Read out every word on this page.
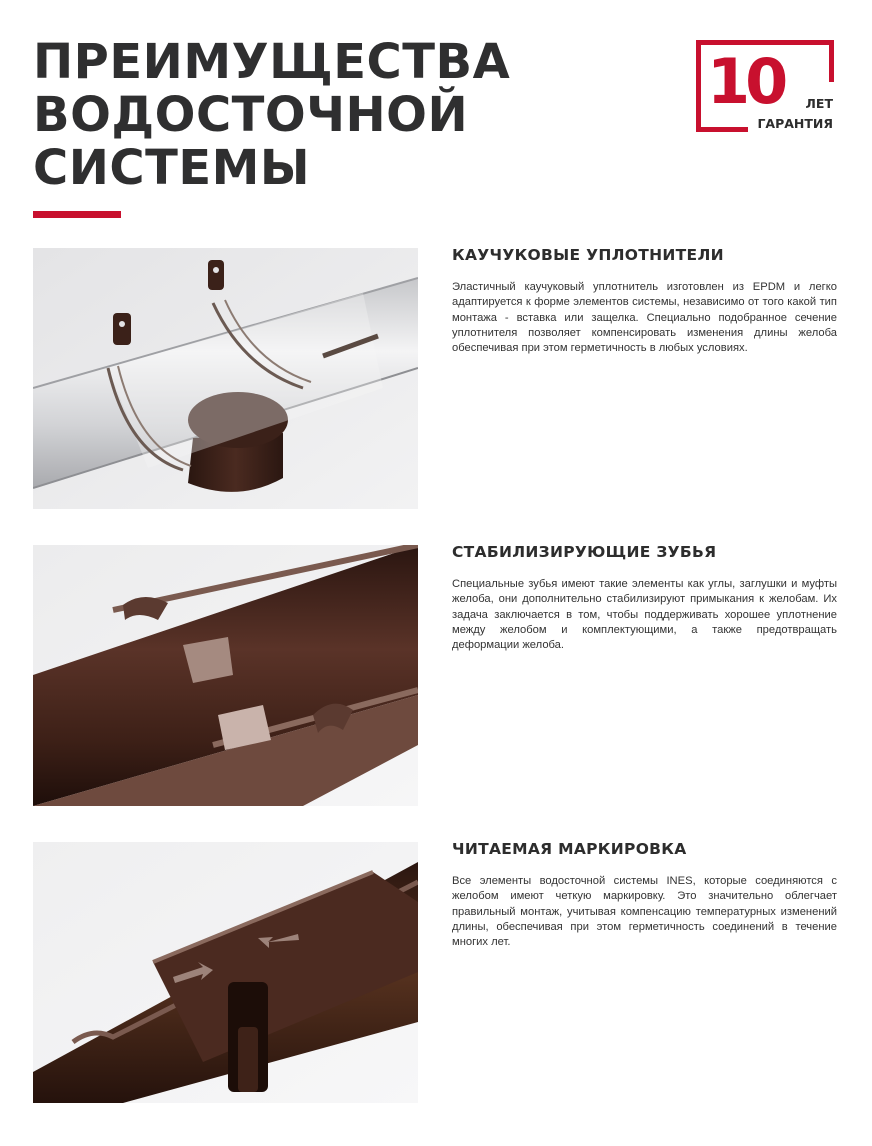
ПРЕИМУЩЕСТВА
ВОДОСТОЧНОЙ
СИСТЕМЫ
10 ЛЕТ
ГАРАНТИЯ
КАУЧУКОВЫЕ УПЛОТНИТЕЛИ

Эластичный каучуковый уплотнитель изготовлен из EPDM и легко адаптируется к форме элементов системы, независимо от того какой тип монтажа - вставка или защелка. Специально подобранное сечение уплотнителя позволяет компенсировать изменения длины желоба обеспечивая при этом герметичность в любых условиях.

СТАБИЛИЗИРУЮЩИЕ ЗУБЬЯ

Специальные зубья имеют такие элементы как углы, заглушки и муфты желоба, они дополнительно стабилизируют примыкания к желобам. Их задача заключается в том, чтобы поддерживать хорошее уплотнение между желобом и комплектующими, а также предотвращать деформации желоба.

ЧИТАЕМАЯ МАРКИРОВКА

Все элементы водосточной системы INES, которые соединяются с желобом имеют четкую маркировку. Это значительно облегчает правильный монтаж, учитывая компенсацию температурных изменений длины, обеспечивая при этом герметичность соединений в течение многих лет.
